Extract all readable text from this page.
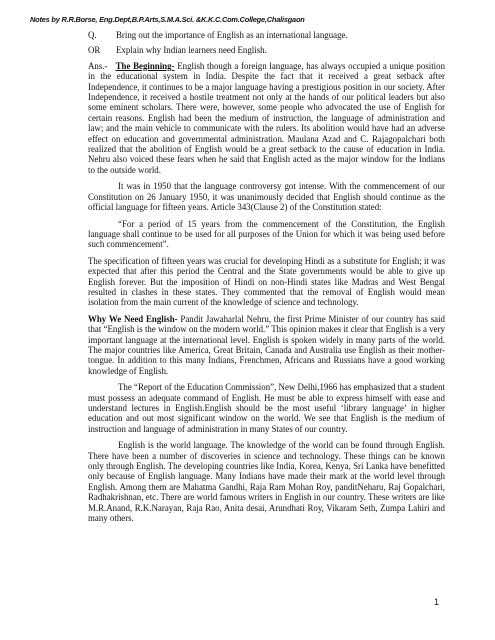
Notes by R.R.Borse, Eng.Dept,B.P.Arts,S.M.A.Sci. &K.K.C.Com.College,Chalisgaon

Q. Bring out the importance of English as an international language.

OR Explain why Indian learners need English.

Ans.- The Beginning- English though a foreign language, has always occupied a unique position in the educational system in India. Despite the fact that it received a great setback after Independence, it continues to be a major language having a prestigious position in our society. After Independence, it received a hostile treatment not only at the hands of our political leaders but also some eminent scholars. There were, however, some people who advocated the use of English for certain reasons. English had been the medium of instruction, the language of administration and law; and the main vehicle to communicate with the rulers. Its abolition would have had an adverse effect on education and governmental administration. Maulana Azad and C. Rajagopalchari both realized that the abolition of English would be a great setback to the cause of education in India. Nehru also voiced these fears when he said that English acted as the major window for the Indians to the outside world.

It was in 1950 that the language controversy got intense. With the commencement of our Constitution on 26 January 1950, it was unanimously decided that English should continue as the official language for fifteen years. Article 343(Clause 2) of the Constitution stated:

“For a period of 15 years from the commencement of the Constitution, the English language shall continue to be used for all purposes of the Union for which it was being used before such commencement”.

The specification of fifteen years was crucial for developing Hindi as a substitute for English; it was expected that after this period the Central and the State governments would be able to give up English forever. But the imposition of Hindi on non-Hindi states like Madras and West Bengal resulted in clashes in these states. They commented that the removal of English would mean isolation from the main current of the knowledge of science and technology.

Why We Need English- Pandit Jawaharlal Nehru, the first Prime Minister of our country has said that “English is the window on the modern world.” This opinion makes it clear that English is a very important language at the international level. English is spoken widely in many parts of the world. The major countries like America, Great Britain, Canada and Australia use English as their mother-tongue. In addition to this many Indians, Frenchmen, Africans and Russians have a good working knowledge of English.

The “Report of the Education Commission”, New Delhi,1966 has emphasized that a student must possess an adequate command of English. He must be able to express himself with ease and understand lectures in English.English should be the most useful ‘library language’ in higher education and out most significant window on the world. We see that English is the medium of instruction and language of administration in many States of our country.

English is the world language. The knowledge of the world can be found through English. There have been a number of discoveries in science and technology. These things can be known only through English. The developing countries like India, Korea, Kenya, Sri Lanka have benefitted only because of English language. Many Indians have made their mark at the world level through English. Among them are Mahatma Gandhi, Raja Ram Mohan Roy, panditNeharu, Raj Gopalchari, Radhakrishnan, etc. There are world famous writers in English in our country. These writers are like M.R.Anand, R.K.Narayan, Raja Rao, Anita desai, Arundhati Roy, Vikaram Seth, Zumpa Lahiri and many others.

1
